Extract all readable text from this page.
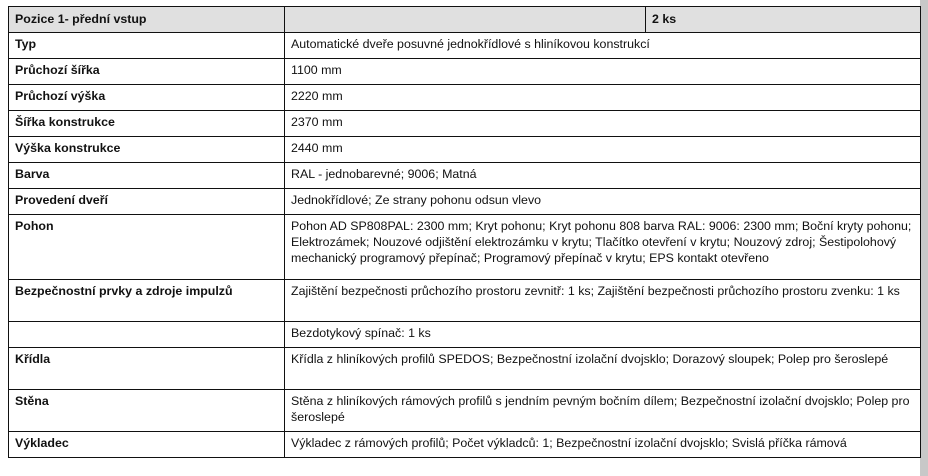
Pozice 1- přední vstup		2 ks
Typ	Automatické dveře posuvné jednokřídlové s hliníkovou konstrukcí	
Průchozí šířka	1100 mm	
Průchozí výška	2220 mm	
Šířka konstrukce	2370 mm	
Výška konstrukce	2440 mm	
Barva	RAL - jednobarevné; 9006; Matná	
Provedení dveří	Jednokřídlové; Ze strany pohonu odsun vlevo	
Pohon	Pohon AD SP808PAL: 2300 mm; Kryt pohonu; Kryt pohonu 808 barva RAL: 9006: 2300 mm; Boční kryty pohonu; Elektrozámek; Nouzové odjištění elektrozámku v krytu; Tlačítko otevření v krytu; Nouzový zdroj; Šestipolohový mechanický programový přepínač; Programový přepínač v krytu; EPS kontakt otevřeno	
Bezpečnostní prvky a zdroje impulzů	Zajištění bezpečnosti průchozího prostoru zevnitř: 1 ks; Zajištění bezpečnosti průchozího prostoru zvenku: 1 ks	
	Bezdotykový spínač: 1 ks	
Křídla	Křídla z hliníkových profilů SPEDOS; Bezpečnostní izolační dvojsklo; Dorazový sloupek; Polep pro šeroslepé	
Stěna	Stěna z hliníkových rámových profilů s jendním pevným bočním dílem; Bezpečnostní izolační dvojsklo; Polep pro šeroslepé	
Výkladec	Výkladec z rámových profilů; Počet výkladců: 1; Bezpečnostní izolační dvojsklo; Svislá příčka rámová	
